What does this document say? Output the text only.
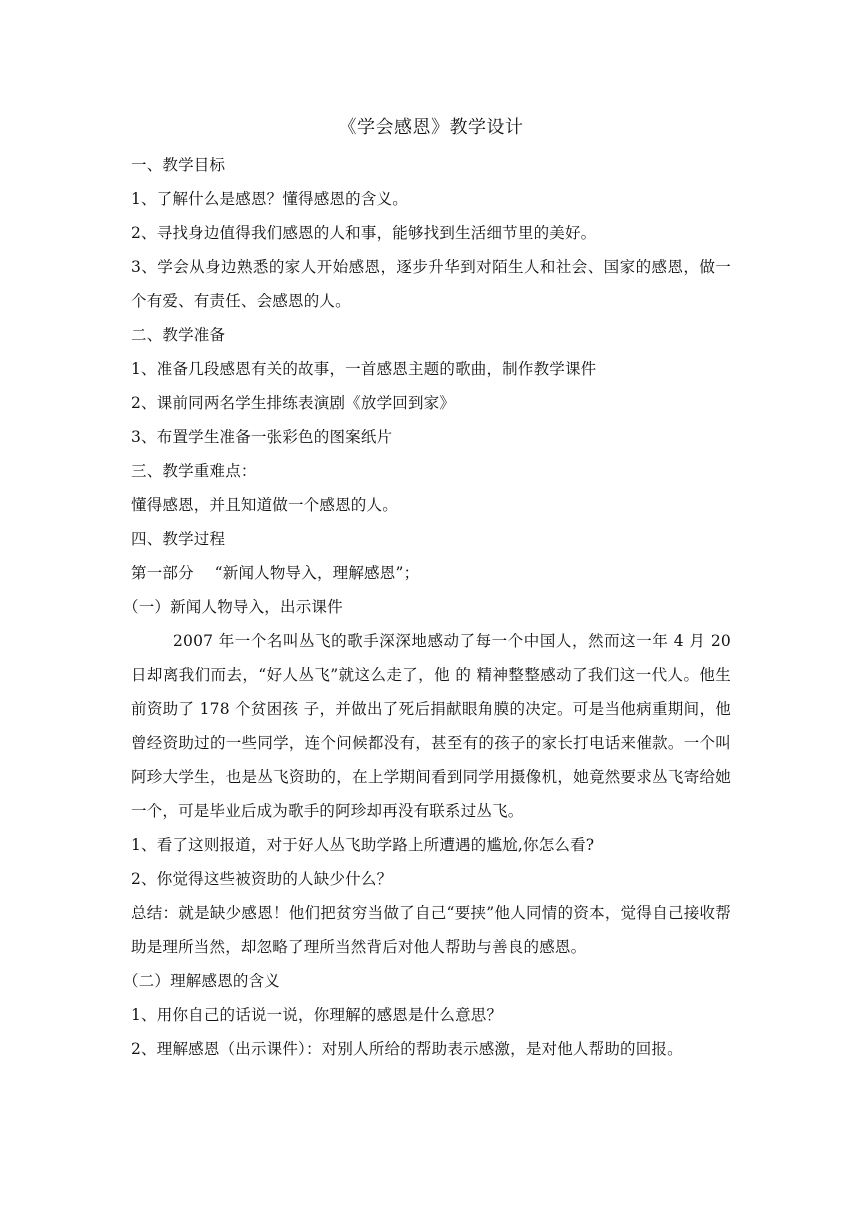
《学会感恩》教学设计

一、教学目标

1、了解什么是感恩？懂得感恩的含义。

2、寻找身边值得我们感恩的人和事，能够找到生活细节里的美好。

3、学会从身边熟悉的家人开始感恩，逐步升华到对陌生人和社会、国家的感恩，做一个有爱、有责任、会感恩的人。

二、教学准备

1、准备几段感恩有关的故事，一首感恩主题的歌曲，制作教学课件

2、课前同两名学生排练表演剧《放学回到家》

3、布置学生准备一张彩色的图案纸片

三、教学重难点：

懂得感恩，并且知道做一个感恩的人。

四、教学过程

第一部分　 “新闻人物导入，理解感恩”；

（一）新闻人物导入，出示课件

2007 年一个名叫丛飞的歌手深深地感动了每一个中国人，然而这一年 4 月 20 日却离我们而去，“好人丛飞”就这么走了，他 的 精神整整感动了我们这一代人。他生前资助了 178 个贫困孩 子，并做出了死后捐献眼角膜的决定。可是当他病重期间，他 曾经资助过的一些同学，连个问候都没有，甚至有的孩子的家长打电话来催款。一个叫阿珍大学生，也是丛飞资助的，在上学期间看到同学用摄像机，她竟然要求丛飞寄给她一个，可是毕业后成为歌手的阿珍却再没有联系过丛飞。

1、看了这则报道，对于好人丛飞助学路上所遭遇的尴尬,你怎么看?

2、你觉得这些被资助的人缺少什么？

总结：就是缺少感恩！他们把贫穷当做了自己“要挟”他人同情的资本，觉得自己接收帮助是理所当然，却忽略了理所当然背后对他人帮助与善良的感恩。

（二）理解感恩的含义

1、用你自己的话说一说，你理解的感恩是什么意思？

2、理解感恩（出示课件）：对别人所给的帮助表示感激，是对他人帮助的回报。
